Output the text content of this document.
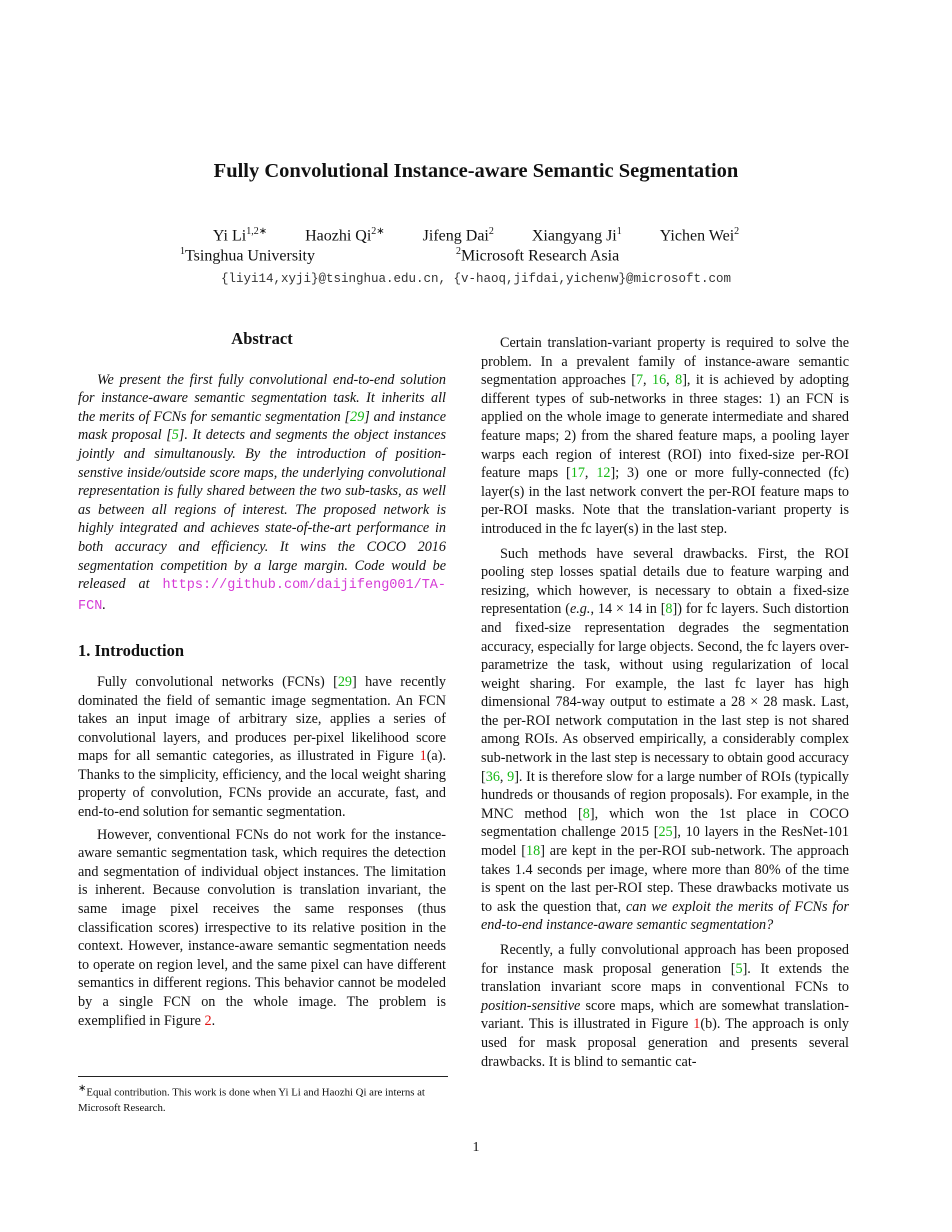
Fully Convolutional Instance-aware Semantic Segmentation
Yi $Li^{1,2∗}$ Haozhi $Qi^{2∗}$ Jifeng Dai$^2$ Xiangyang Ji$^1$ Yichen Wei$^2$
$^1$Tsinghua University	$^2$Microsoft Research Asia
{liyi14,xyji}@tsinghua.edu.cn, {v-haoq,jifdai,yichenw}@microsoft.com
Abstract

We present the first fully convolutional end-to-end solution for instance-aware semantic segmentation task. It inherits all the merits of FCNs for semantic segmentation [29] and instance mask proposal [5]. It detects and segments the object instances jointly and simultanously. By the introduction of position-senstive inside/outside score maps, the underlying convolutional representation is fully shared between the two sub-tasks, as well as between all regions of interest. The proposed network is highly integrated and achieves state-of-the-art performance in both accuracy and efficiency. It wins the COCO 2016 segmentation competition by a large margin. Code would be released at https://github.com/daijifeng001/TA-FCN.

1. Introduction

Fully convolutional networks (FCNs) [29] have recently dominated the field of semantic image segmentation. An FCN takes an input image of arbitrary size, applies a series of convolutional layers, and produces per-pixel likelihood score maps for all semantic categories, as illustrated in Figure 1(a). Thanks to the simplicity, efficiency, and the local weight sharing property of convolution, FCNs provide an accurate, fast, and end-to-end solution for semantic segmentation.

However, conventional FCNs do not work for the instance-aware semantic segmentation task, which requires the detection and segmentation of individual object instances. The limitation is inherent. Because convolution is translation invariant, the same image pixel receives the same responses (thus classification scores) irrespective to its relative position in the context. However, instance-aware semantic segmentation needs to operate on region level, and the same pixel can have different semantics in different regions. This behavior cannot be modeled by a single FCN on the whole image. The problem is exemplified in Figure 2.

Certain translation-variant property is required to solve the problem. In a prevalent family of instance-aware semantic segmentation approaches [7, 16, 8], it is achieved by adopting different types of sub-networks in three stages: 1) an FCN is applied on the whole image to generate intermediate and shared feature maps; 2) from the shared feature maps, a pooling layer warps each region of interest (ROI) into fixed-size per-ROI feature maps [17, 12]; 3) one or more fully-connected (fc) layer(s) in the last network convert the per-ROI feature maps to per-ROI masks. Note that the translation-variant property is introduced in the fc layer(s) in the last step.

Such methods have several drawbacks. First, the ROI pooling step losses spatial details due to feature warping and resizing, which however, is necessary to obtain a fixed-size representation (e.g., 14 × 14 in [8]) for fc layers. Such distortion and fixed-size representation degrades the segmentation accuracy, especially for large objects. Second, the fc layers over-parametrize the task, without using regularization of local weight sharing. For example, the last fc layer has high dimensional 784-way output to estimate a 28 × 28 mask. Last, the per-ROI network computation in the last step is not shared among ROIs. As observed empirically, a considerably complex sub-network in the last step is necessary to obtain good accuracy [36, 9]. It is therefore slow for a large number of ROIs (typically hundreds or thousands of region proposals). For example, in the MNC method [8], which won the 1st place in COCO segmentation challenge 2015 [25], 10 layers in the ResNet-101 model [18] are kept in the per-ROI sub-network. The approach takes 1.4 seconds per image, where more than 80% of the time is spent on the last per-ROI step. These drawbacks motivate us to ask the question that, can we exploit the merits of FCNs for end-to-end instance-aware semantic segmentation?

Recently, a fully convolutional approach has been proposed for instance mask proposal generation [5]. It extends the translation invariant score maps in conventional FCNs to position-sensitive score maps, which are somewhat translation-variant. This is illustrated in Figure 1(b). The approach is only used for mask proposal generation and presents several drawbacks. It is blind to semantic cat-

∗Equal contribution. This work is done when Yi Li and Haozhi Qi are interns at Microsoft Research.
1
